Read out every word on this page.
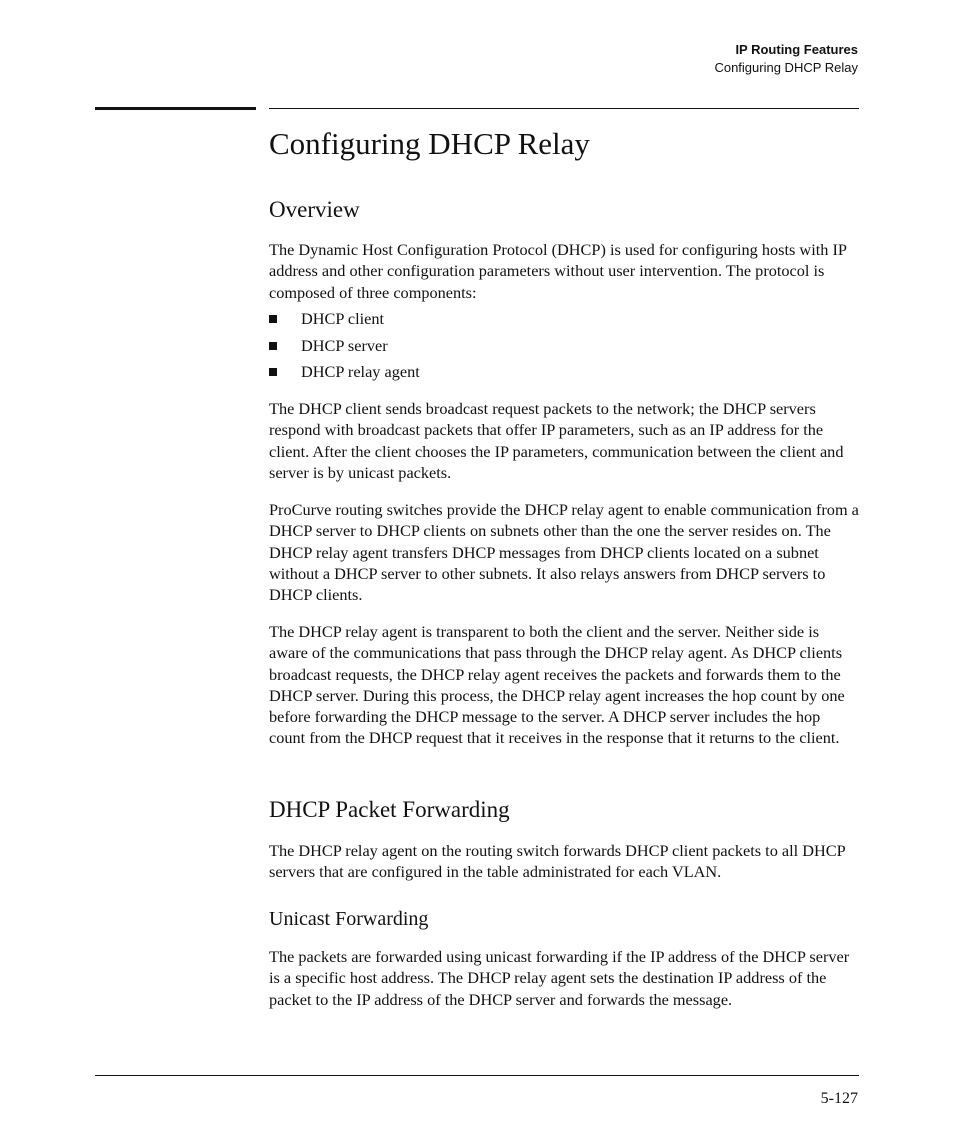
IP Routing Features
Configuring DHCP Relay
Configuring DHCP Relay
Overview

The Dynamic Host Configuration Protocol (DHCP) is used for configuring hosts with IP address and other configuration parameters without user intervention. The protocol is composed of three components:

DHCP client
DHCP server
DHCP relay agent

The DHCP client sends broadcast request packets to the network; the DHCP servers respond with broadcast packets that offer IP parameters, such as an IP address for the client. After the client chooses the IP parameters, communication between the client and server is by unicast packets.

ProCurve routing switches provide the DHCP relay agent to enable communication from a DHCP server to DHCP clients on subnets other than the one the server resides on. The DHCP relay agent transfers DHCP messages from DHCP clients located on a subnet without a DHCP server to other subnets. It also relays answers from DHCP servers to DHCP clients.

The DHCP relay agent is transparent to both the client and the server. Neither side is aware of the communications that pass through the DHCP relay agent. As DHCP clients broadcast requests, the DHCP relay agent receives the packets and forwards them to the DHCP server. During this process, the DHCP relay agent increases the hop count by one before forwarding the DHCP message to the server. A DHCP server includes the hop count from the DHCP request that it receives in the response that it returns to the client.

DHCP Packet Forwarding

The DHCP relay agent on the routing switch forwards DHCP client packets to all DHCP servers that are configured in the table administrated for each VLAN.

Unicast Forwarding

The packets are forwarded using unicast forwarding if the IP address of the DHCP server is a specific host address. The DHCP relay agent sets the destination IP address of the packet to the IP address of the DHCP server and forwards the message.

5-127
